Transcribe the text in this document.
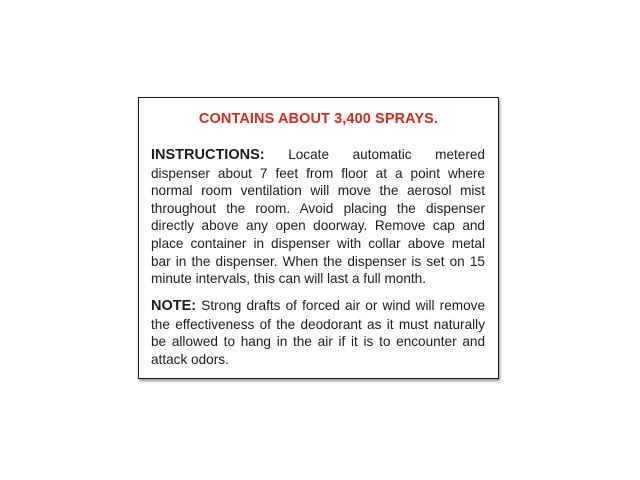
CONTAINS ABOUT 3,400 SPRAYS.
INSTRUCTIONS: Locate automatic metered dispenser about 7 feet from floor at a point where normal room ventilation will move the aerosol mist throughout the room. Avoid placing the dispenser directly above any open doorway. Remove cap and place container in dispenser with collar above metal bar in the dispenser. When the dispenser is set on 15 minute intervals, this can will last a full month.
NOTE: Strong drafts of forced air or wind will remove the effectiveness of the deodorant as it must naturally be allowed to hang in the air if it is to encounter and attack odors.
